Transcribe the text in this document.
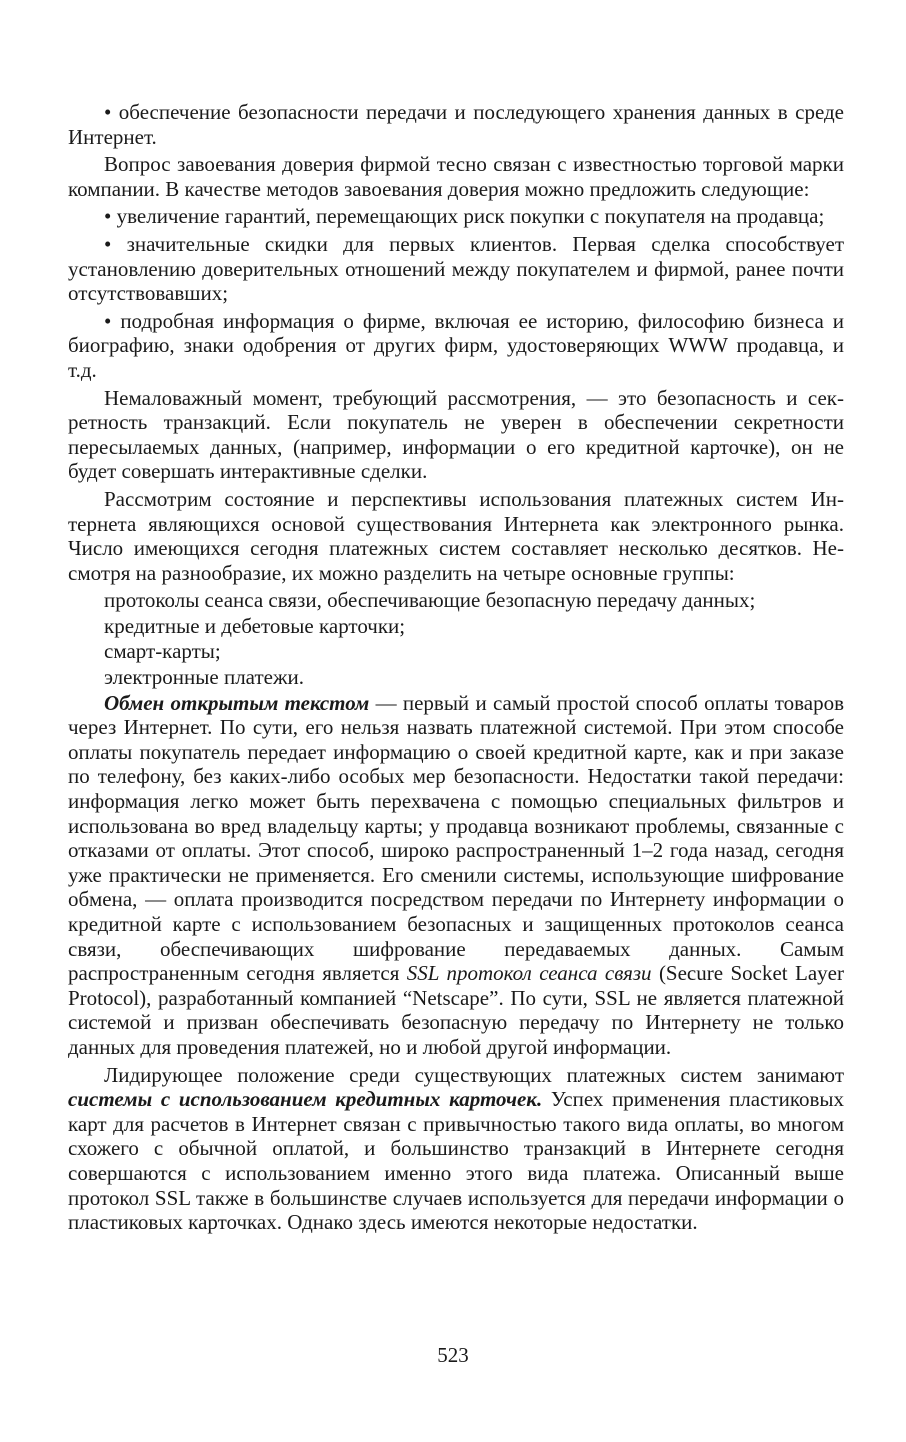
• обеспечение безопасности передачи и последующего хранения данных в среде Интернет.

Вопрос завоевания доверия фирмой тесно связан с известностью торговой марки компании. В качестве методов завоевания доверия можно предложить следующие:

• увеличение гарантий, перемещающих риск покупки с покупателя на продавца;

• значительные скидки для первых клиентов. Первая сделка способствует установлению доверительных отношений между покупателем и фирмой, ранее почти отсутствовавших;

• подробная информация о фирме, включая ее историю, философию бизнеса и биографию, знаки одобрения от других фирм, удостоверяющих WWW продавца, и т.д.

Немаловажный момент, требующий рассмотрения, — это безопасность и секретность транзакций. Если покупатель не уверен в обеспечении секретности пересылаемых данных, (например, информации о его кредитной карточке), он не будет совершать интерактивные сделки.

Рассмотрим состояние и перспективы использования платежных систем Интернета являющихся основой существования Интернета как электронного рынка. Число имеющихся сегодня платежных систем составляет несколько десятков. Несмотря на разнообразие, их можно разделить на четыре основные группы:

протоколы сеанса связи, обеспечивающие безопасную передачу данных;

кредитные и дебетовые карточки;

смарт-карты;

электронные платежи.

Обмен открытым текстом — первый и самый простой способ оплаты товаров через Интернет. По сути, его нельзя назвать платежной системой. При этом способе оплаты покупатель передает информацию о своей кредитной карте, как и при заказе по телефону, без каких-либо особых мер безопасности. Недостатки такой передачи: информация легко может быть перехвачена с помощью специальных фильтров и использована во вред владельцу карты; у продавца возникают проблемы, связанные с отказами от оплаты. Этот способ, широко распространенный 1–2 года назад, сегодня уже практически не применяется. Его сменили системы, использующие шифрование обмена, — оплата производится посредством передачи по Интернету информации о кредитной карте с использованием безопасных и защищенных протоколов сеанса связи, обеспечивающих шифрование передаваемых данных. Самым распространенным сегодня является SSL протокол сеанса связи (Secure Socket Layer Protocol), разработанный компанией “Netscape”. По сути, SSL не является платежной системой и призван обеспечивать безопасную передачу по Интернету не только данных для проведения платежей, но и любой другой информации.

Лидирующее положение среди существующих платежных систем занимают системы с использованием кредитных карточек. Успех применения пластиковых карт для расчетов в Интернет связан с привычностью такого вида оплаты, во многом схожего с обычной оплатой, и большинство транзакций в Интернете сегодня совершаются с использованием именно этого вида платежа. Описанный выше протокол SSL также в большинстве случаев используется для передачи информации о пластиковых карточках. Однако здесь имеются некоторые недостатки.

523
